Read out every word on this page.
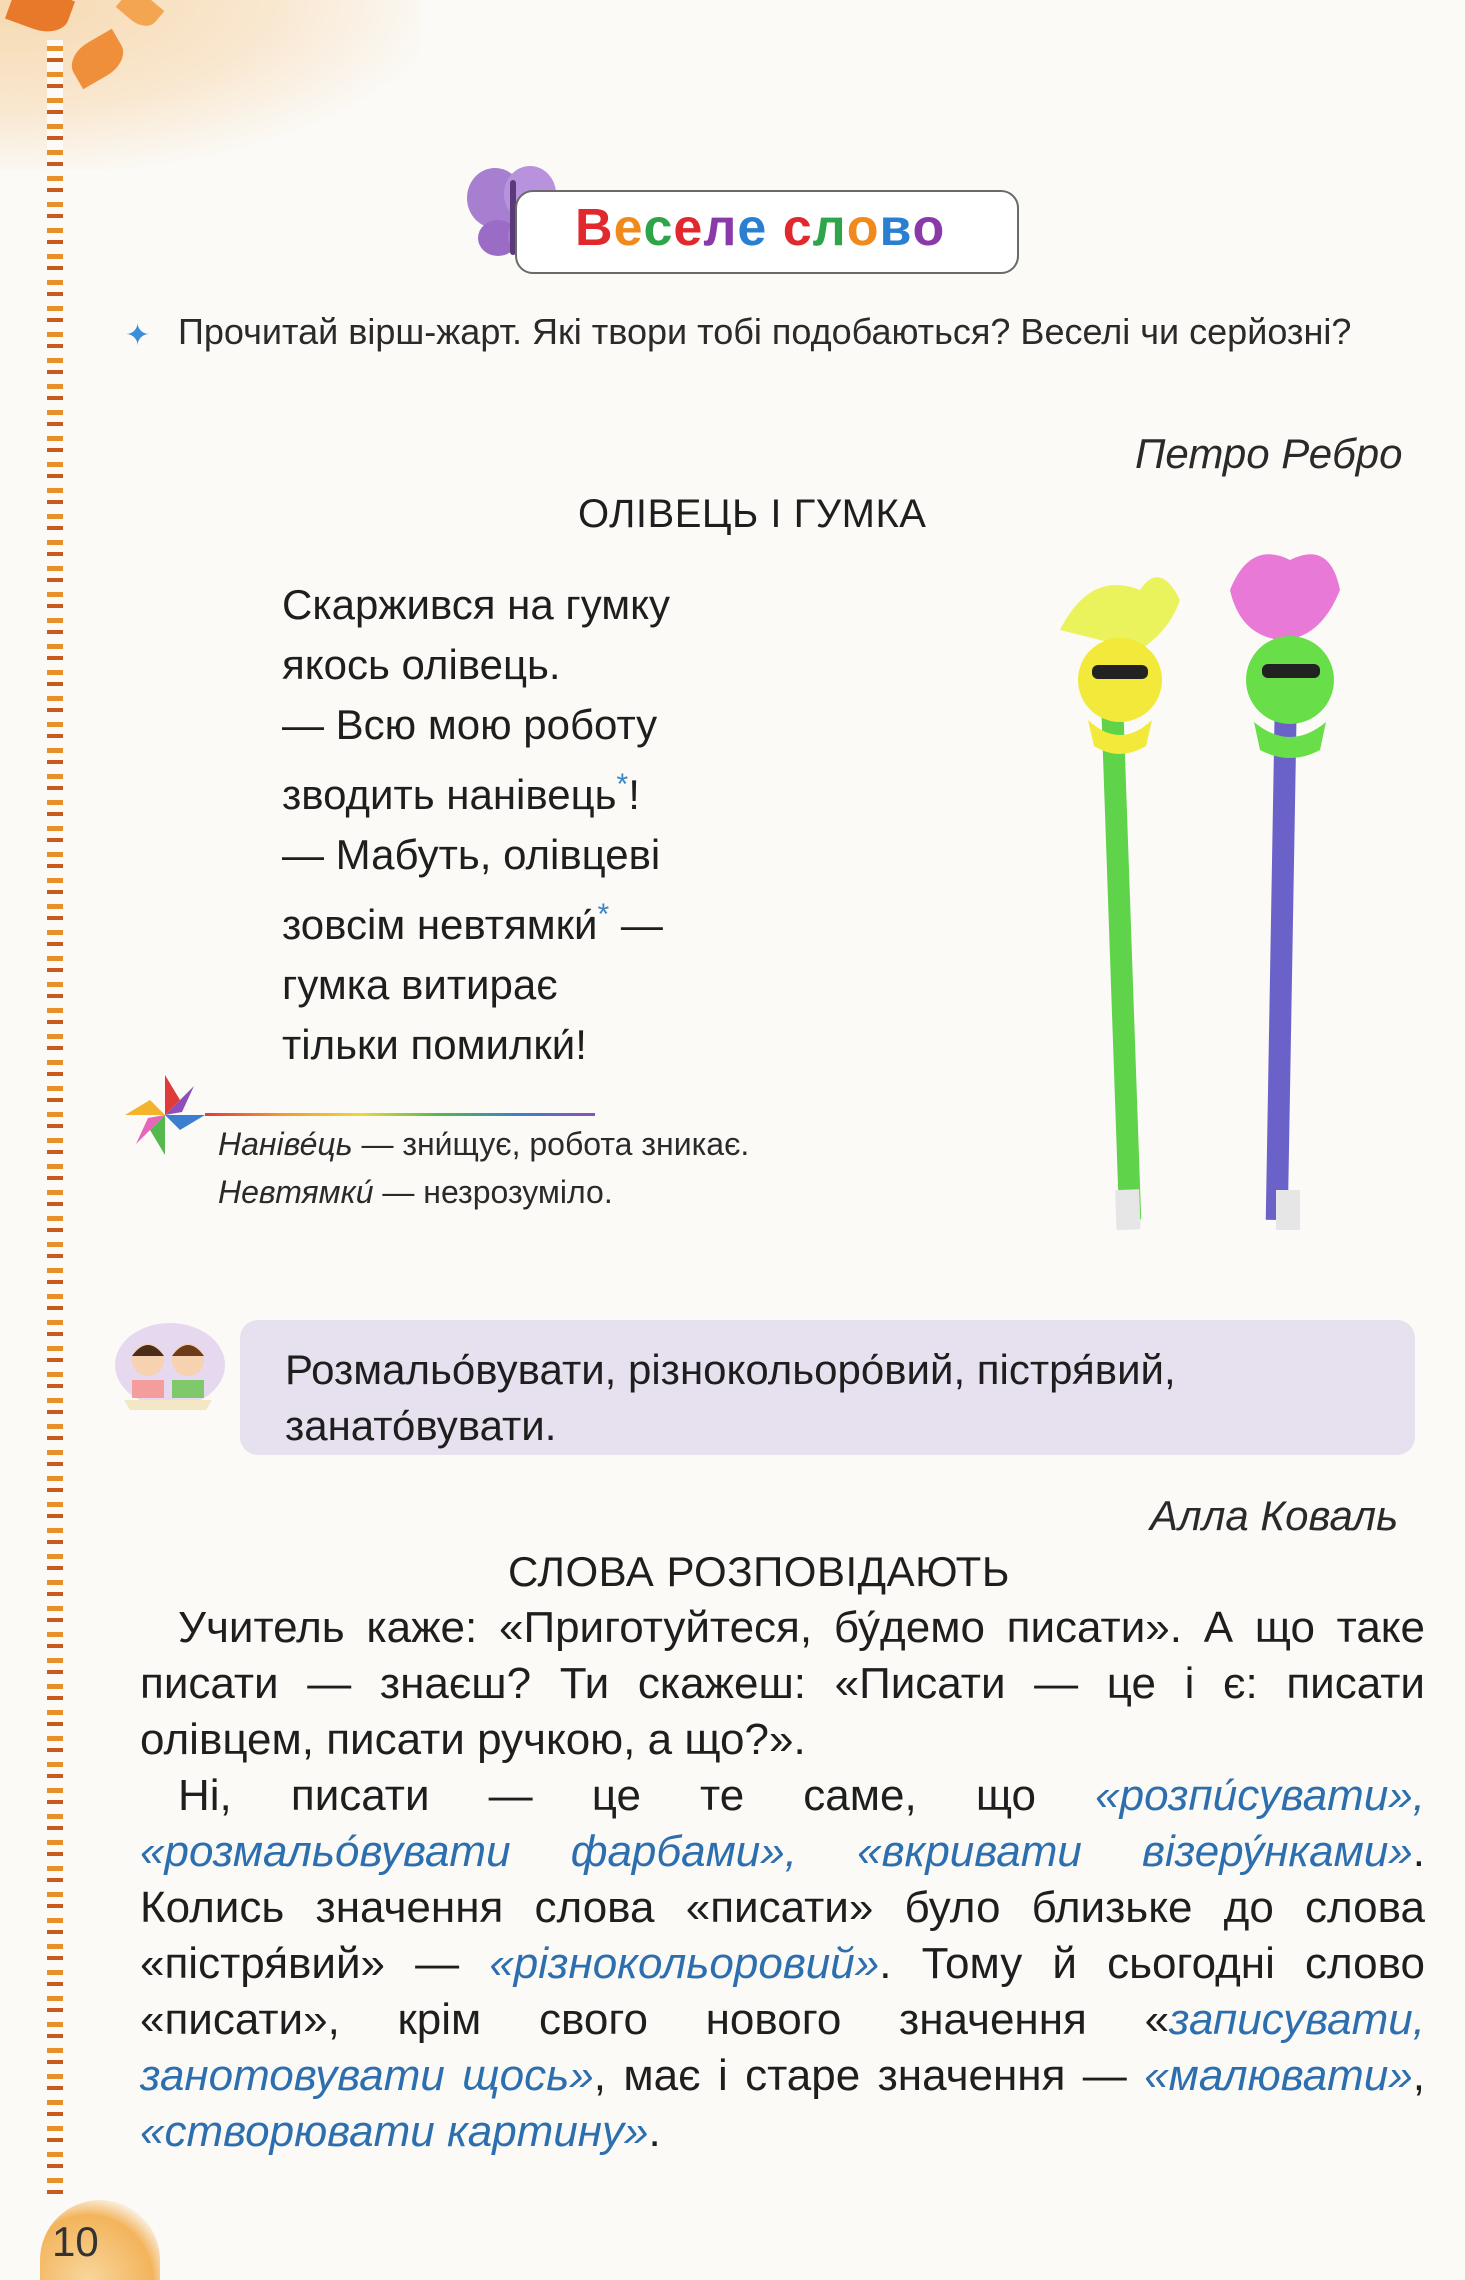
Веселе слово
✦ Прочитай вірш-жарт. Які твори тобі подобаються? Веселі чи серйозні?
Петро Ребро
ОЛІВЕЦЬ І ГУМКА
Скаржився на гумку
якось олівець.
— Всю мою роботу
зводить нанівець*!
— Мабуть, олівцеві
зовсім невтямки́* —
гумка витирає
тільки помилки́!
Наніве́ць — зни́щує, робота зникає.
Невтямки́ — незрозуміло.
Розмальо́вувати, різнокольоро́вий, пістря́вий, занато́вувати.
Алла Коваль
СЛОВА РОЗПОВІДАЮТЬ

Учитель каже: «Приготуйтеся, бу́демо писати». А що таке писати — знаєш? Ти скажеш: «Писати — це і є: писати олівцем, писати ручкою, а що?».

Ні, писати — це те саме, що «розпи́сувати», «розмальо́вувати фарбами», «вкривати візеру́нками». Колись значення слова «писати» було близьке до слова «пістря́вий» — «різнокольоровий». Тому й сьогодні слово «писати», крім свого нового значення «записувати, занотовувати щось», має і старе значення — «малювати», «створювати картину».

10
